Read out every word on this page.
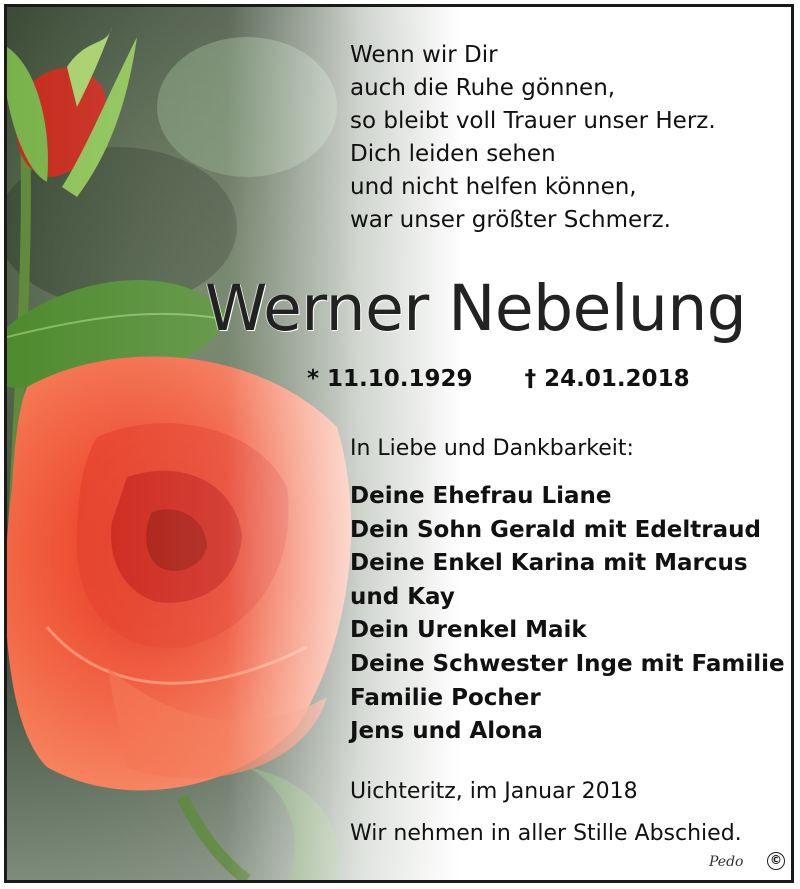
Wenn wir Dir
auch die Ruhe gönnen,
so bleibt voll Trauer unser Herz.
Dich leiden sehen
und nicht helfen können,
war unser größter Schmerz.

Werner Nebelung
* 11.10.1929 † 24.01.2018

In Liebe und Dankbarkeit:

Deine Ehefrau Liane
Dein Sohn Gerald mit Edeltraud
Deine Enkel Karina mit Marcus
und Kay
Dein Urenkel Maik
Deine Schwester Inge mit Familie
Familie Pocher
Jens und Alona

Uichteritz, im Januar 2018

Wir nehmen in aller Stille Abschied.

Pedo ©
